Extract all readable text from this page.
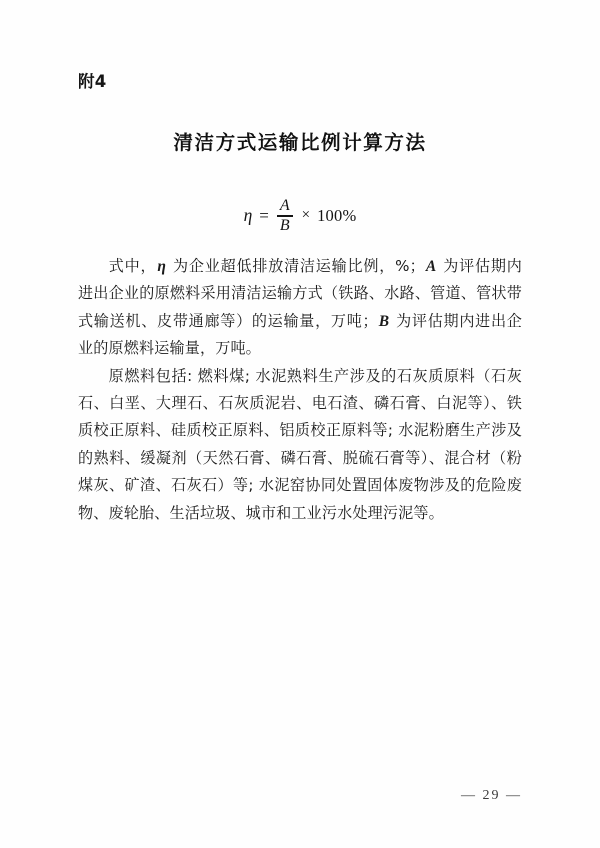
附4
清洁方式运输比例计算方法
$\eta = \frac{A}{B} \times 100\%$

式中，η 为企业超低排放清洁运输比例，%；A 为评估期内进出企业的原燃料采用清洁运输方式（铁路、水路、管道、管状带式输送机、皮带通廊等）的运输量，万吨；B 为评估期内进出企业的原燃料运输量，万吨。

原燃料包括: 燃料煤; 水泥熟料生产涉及的石灰质原料（石灰石、白垩、大理石、石灰质泥岩、电石渣、磷石膏、白泥等）、铁质校正原料、硅质校正原料、铝质校正原料等; 水泥粉磨生产涉及的熟料、缓凝剂（天然石膏、磷石膏、脱硫石膏等）、混合材（粉煤灰、矿渣、石灰石）等; 水泥窑协同处置固体废物涉及的危险废物、废轮胎、生活垃圾、城市和工业污水处理污泥等。

— 29 —
